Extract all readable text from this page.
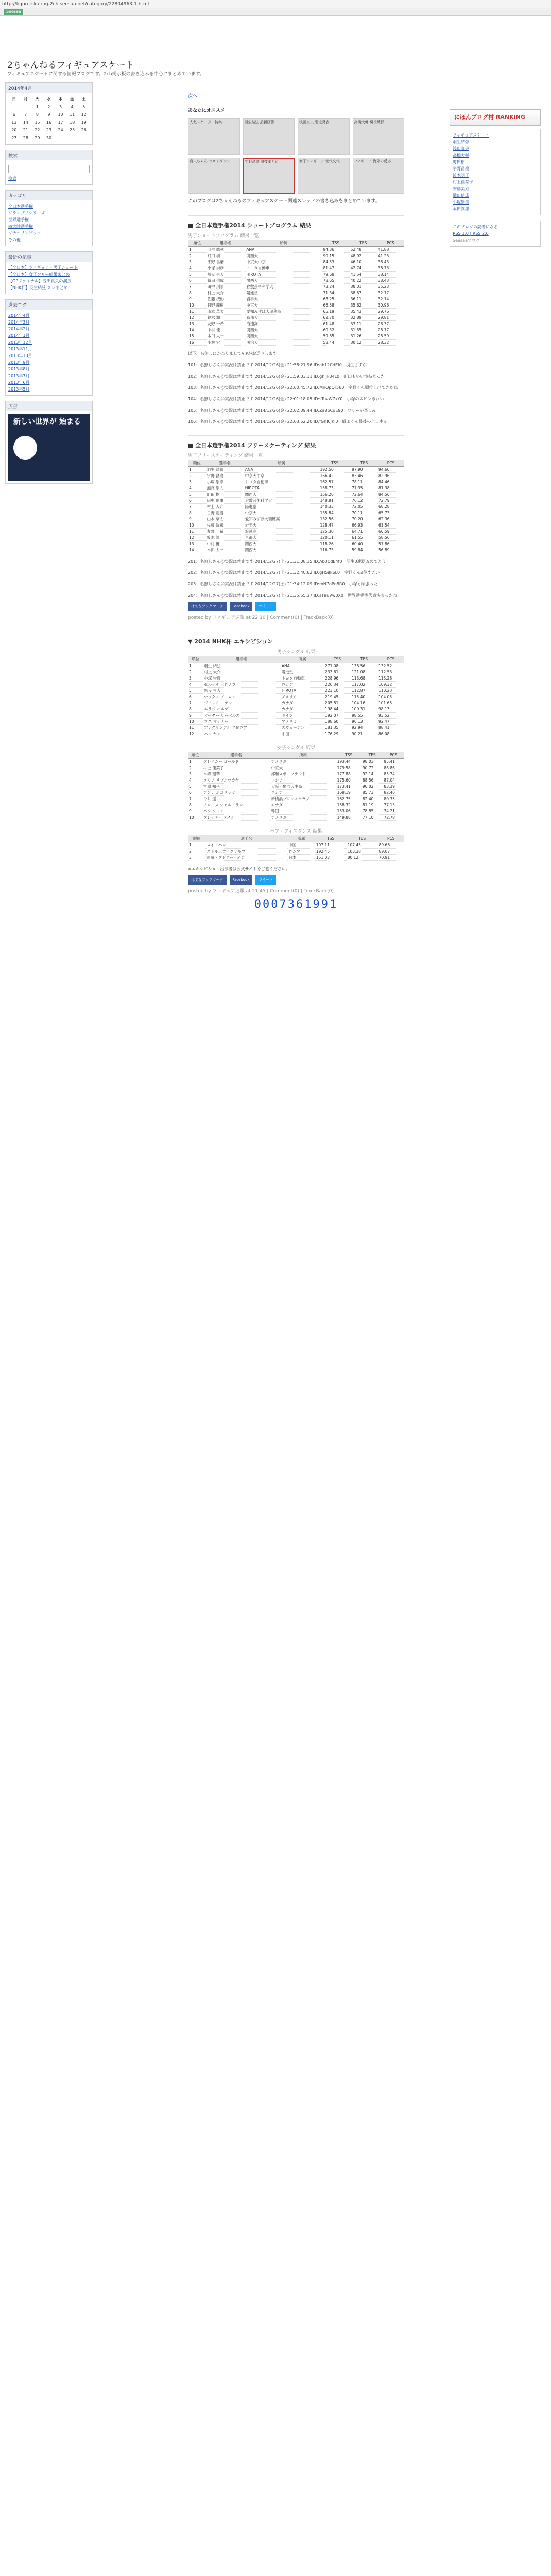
http://figure-skating-2ch.seesaa.net/category/22804963-1.html
Seesaa
2ちゃんねるフィギュアスケート
フィギュアスケートに関する情報ブログです。2ch掲示板の書き込みを中心にまとめています。
2014年4月
日	月	火	水	木	金	土
		1	2	3	4	5
6	7	8	9	10	11	12
13	14	15	16	17	18	19
20	21	22	23	24	25	26
27	28	29	30			
検索
検索
カテゴリ
全日本選手権
グランプリシリーズ
世界選手権
四大陸選手権
ソチオリンピック
その他
最近の記事
【全日本】フィギュア・男子ショート
【全日本】女子フリー結果まとめ
【GPファイナル】浅田真央の演技
【NHK杯】羽生結弦 スレまとめ
過去ログ
2014年4月
2014年3月
2014年2月
2014年1月
2013年12月
2013年11月
2013年10月
2013年9月
2013年8月
2013年7月
2013年6月
2013年5月
広告
新しい世界が 始まる
次へ
あなたにオススメ
人気スケーター特集	羽生結弦 最新画像	浅田真央 引退発表	高橋大輔 現役続行
真央ちゃん ラストダンス	宇野昌磨 演技まとめ	女子フィギュア 世代交代	フィギュア 海外の反応
このブログは2ちゃんねるのフィギュアスケート関連スレッドの書き込みをまとめています。
■ 全日本選手権2014 ショートプログラム 結果
男子ショートプログラム 結果一覧
順位	選手名	所属	TSS	TES	PCS
1	羽生 結弦	ANA	94.36	52.48	41.88
2	町田 樹	関西大	90.15	48.92	41.23
3	宇野 昌磨	中京大中京	84.53	46.10	38.43
4	小塚 崇彦	トヨタ自動車	81.47	42.74	38.73
5	無良 崇人	HIROTA	79.68	41.54	38.14
6	織田 信成	関西大	78.65	40.22	38.43
7	田中 刑事	倉敷芸術科学大	73.24	38.01	35.23
8	村上 大介	陽進堂	71.34	38.57	32.77
9	佐藤 洸彬	岩手大	68.25	36.11	32.14
10	日野 龍樹	中京大	66.58	35.62	30.96
11	山本 草太	愛知みずほ大瑞穂高	65.19	35.43	29.76
12	鈴木 潤	京都大	62.70	32.89	29.81
13	友野 一希	浪速高	61.48	33.11	28.37
14	中村 優	関西大	60.32	31.55	28.77
15	本田 太一	関西大	59.85	31.26	28.59
16	小林 宏一	明治大	58.44	30.12	28.32
以下、名無しにかわりましてVIPがお送りします
101：名無しさん＠実況は禁止です 2014/12/26(金) 21:58:21.96 ID:ab12CdEf0　羽生さすが
102：名無しさん＠実況は禁止です 2014/12/26(金) 21:59:03.11 ID:ghIjk34L0　町田もいい演技だった
103：名無しさん＠実況は禁止です 2014/12/26(金) 22:00:45.72 ID:MnOpQr560　宇野くん順位上げてきたね
104：名無しさん＠実況は禁止です 2014/12/26(金) 22:01:18.05 ID:sTuvW7xY0　小塚のスピンきれい
105：名無しさん＠実況は禁止です 2014/12/26(金) 22:02:39.44 ID:Za8bCdE90　フリーが楽しみ
106：名無しさん＠実況は禁止です 2014/12/26(金) 22:03:52.20 ID:fGhI0jKl0　織田くん最後の全日本か
■ 全日本選手権2014 フリースケーティング 結果
男子フリースケーティング 結果一覧
順位	選手名	所属	TSS	TES	PCS
1	羽生 結弦	ANA	192.50	97.90	94.60
2	宇野 昌磨	中京大中京	166.42	83.46	82.96
3	小塚 崇彦	トヨタ自動車	162.57	78.11	84.46
4	無良 崇人	HIROTA	158.73	77.35	81.38
5	町田 樹	関西大	156.20	72.64	84.56
6	田中 刑事	倉敷芸術科学大	148.91	76.12	72.79
7	村上 大介	陽進堂	140.33	72.05	68.28
8	日野 龍樹	中京大	135.84	70.11	65.73
9	山本 草太	愛知みずほ大瑞穂高	132.56	70.20	62.36
10	佐藤 洸彬	岩手大	128.47	66.93	61.54
11	友野 一希	浪速高	125.30	64.71	60.59
12	鈴木 潤	京都大	120.11	61.55	58.56
13	中村 優	関西大	118.26	60.40	57.86
14	本田 太一	関西大	116.73	59.84	56.89
201：名無しさん＠実況は禁止です 2014/12/27(土) 21:31:08.15 ID:Ab3CdE4f0　羽生3連覇おめでとう
202：名無しさん＠実況は禁止です 2014/12/27(土) 21:32:40.62 ID:gH5iJk6L0　宇野くん2位すごい
203：名無しさん＠実況は禁止です 2014/12/27(土) 21:34:12.09 ID:mN7oPq8R0　小塚も頑張った
204：名無しさん＠実況は禁止です 2014/12/27(土) 21:35:55.37 ID:sT9uVw0X0　世界選手権代表決まったね
はてなブックマーク	Facebook	ツイート
posted by フィギュア速報 at 22:10 | Comment(0) | TrackBack(0)
▼ 2014 NHK杯 エキシビション
男子シングル 結果
順位	選手名	所属	TSS	TES	PCS
1	羽生 結弦	ANA	271.08	138.56	132.52
2	村上 大介	陽進堂	233.61	121.08	112.53
3	小塚 崇彦	トヨタ自動車	228.96	113.68	115.28
4	セルゲイ ボロノフ	ロシア	226.34	117.02	109.32
5	無良 崇人	HIROTA	223.10	112.87	110.23
6	マックス アーロン	アメリカ	219.45	115.40	104.05
7	ジェレミー テン	カナダ	205.81	104.16	101.65
8	エラジ バルデ	カナダ	198.44	100.31	98.13
9	ピーター リーベルス	ドイツ	192.07	98.55	93.52
10	ロス マイナー	アメリカ	188.60	96.13	92.47
11	アレクサンデル マヨロフ	スウェーデン	181.35	92.94	88.41
12	ハン ヤン	中国	176.29	90.21	86.08
女子シングル 結果
順位	選手名	所属	TSS	TES	PCS
1	グレイシー ゴールド	アメリカ	193.44	98.03	95.41
2	村上 佳菜子	中京大	179.58	90.72	88.86
3	本郷 理華	邦和スポーツランド	177.88	92.14	85.74
4	ユリア リプニツカヤ	ロシア	175.60	88.56	87.04
5	宮原 知子	大阪・関西大中高	173.41	90.02	83.39
6	アンナ ポゴリラヤ	ロシア	168.19	85.73	82.46
7	今井 遥	新横浜プリンスクラブ	162.75	82.40	80.35
8	アレーヌ シャルトラン	カナダ	158.32	81.19	77.13
9	パク ソヨン	韓国	153.06	78.85	74.21
10	ブレイディ テネル	アメリカ	149.88	77.10	72.78
ペア・アイスダンス 結果
順位	選手名	所属	TSS	TES	PCS
1	スイ・ハン	中国	197.11	107.45	89.66
2	ストルボワ・クリモフ	ロシア	192.45	103.38	89.07
3	須藤・ブドロー=オデ	日本	151.03	80.12	70.91
※エキシビション出演者は公式サイトをご覧ください。
はてなブックマーク	Facebook	ツイート
posted by フィギュア速報 at 21:45 | Comment(0) | TrackBack(0)
0007361991
にほんブログ村 RANKING
フィギュアスケート
羽生結弦
浅田真央
高橋大輔
町田樹
宇野昌磨
鈴木明子
村上佳菜子
安藤美姫
織田信成
小塚崇彦
本田真凜
このブログの読者になる
RSS 1.0 | RSS 2.0
Seesaaブログ
